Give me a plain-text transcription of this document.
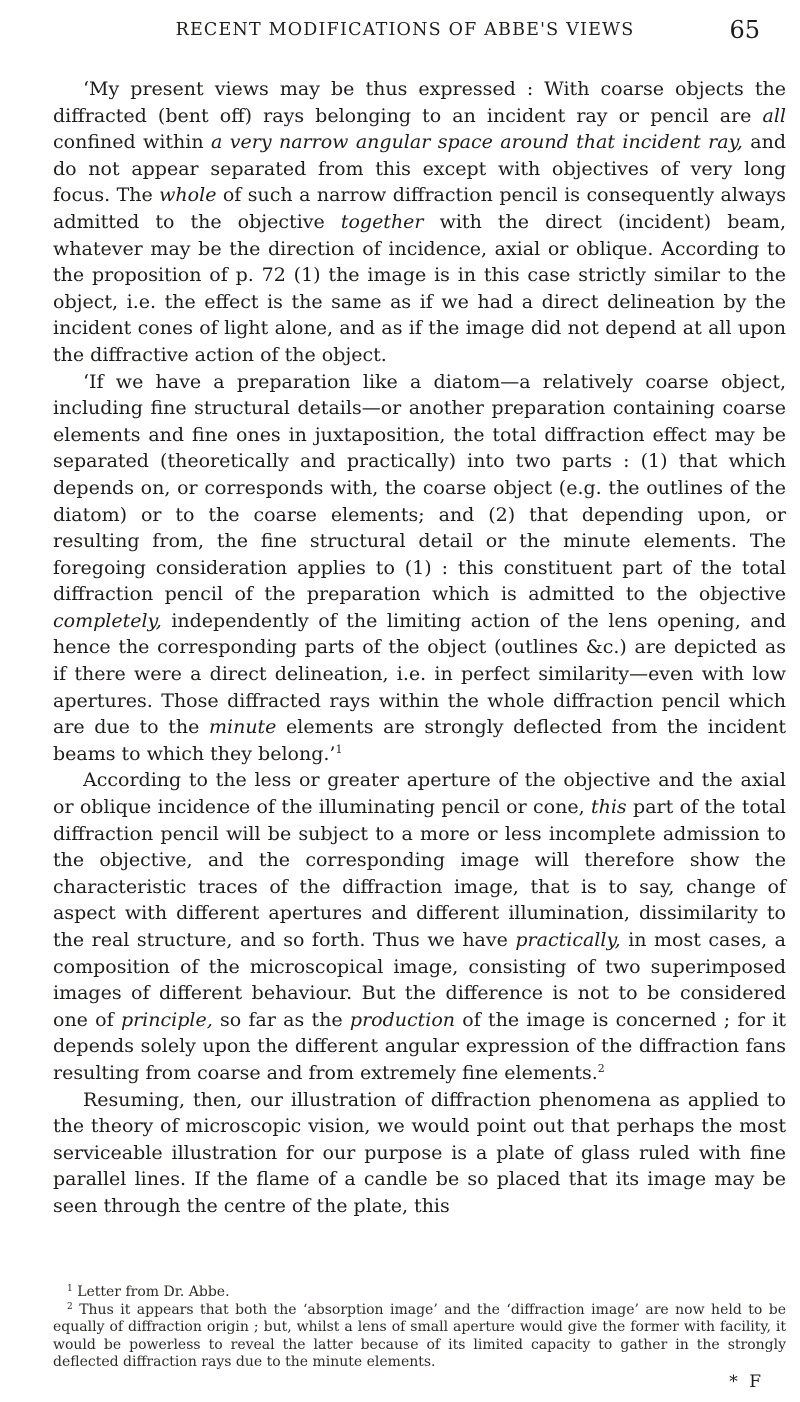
RECENT MODIFICATIONS OF ABBE'S VIEWS	65

‘My present views may be thus expressed : With coarse objects the diffracted (bent off) rays belonging to an incident ray or pencil are all confined within a very narrow angular space around that incident ray, and do not appear separated from this except with objectives of very long focus. The whole of such a narrow diffraction pencil is consequently always admitted to the objective together with the direct (incident) beam, whatever may be the direction of incidence, axial or oblique. According to the proposition of p. 72 (1) the image is in this case strictly similar to the object, i.e. the effect is the same as if we had a direct delineation by the incident cones of light alone, and as if the image did not depend at all upon the diffractive action of the object.

‘If we have a preparation like a diatom—a relatively coarse object, including fine structural details—or another preparation containing coarse elements and fine ones in juxtaposition, the total diffraction effect may be separated (theoretically and practically) into two parts : (1) that which depends on, or corresponds with, the coarse object (e.g. the outlines of the diatom) or to the coarse elements; and (2) that depending upon, or resulting from, the fine structural detail or the minute elements. The foregoing consideration applies to (1) : this constituent part of the total diffraction pencil of the preparation which is admitted to the objective completely, independently of the limiting action of the lens opening, and hence the corresponding parts of the object (outlines &c.) are depicted as if there were a direct delineation, i.e. in perfect similarity—even with low apertures. Those diffracted rays within the whole diffraction pencil which are due to the minute elements are strongly deflected from the incident beams to which they belong.’$^1$

According to the less or greater aperture of the objective and the axial or oblique incidence of the illuminating pencil or cone, this part of the total diffraction pencil will be subject to a more or less incomplete admission to the objective, and the corresponding image will therefore show the characteristic traces of the diffraction image, that is to say, change of aspect with different apertures and different illumination, dissimilarity to the real structure, and so forth. Thus we have practically, in most cases, a composition of the microscopical image, consisting of two superimposed images of different behaviour. But the difference is not to be considered one of principle, so far as the production of the image is concerned ; for it depends solely upon the different angular expression of the diffraction fans resulting from coarse and from extremely fine elements.$^2$

Resuming, then, our illustration of diffraction phenomena as applied to the theory of microscopic vision, we would point out that perhaps the most serviceable illustration for our purpose is a plate of glass ruled with fine parallel lines. If the flame of a candle be so placed that its image may be seen through the centre of the plate, this

$^1$ Letter from Dr. Abbe.

$^2$ Thus it appears that both the ‘absorption image’ and the ‘diffraction image’ are now held to be equally of diffraction origin ; but, whilst a lens of small aperture would give the former with facility, it would be powerless to reveal the latter because of its limited capacity to gather in the strongly deflected diffraction rays due to the minute elements.

* F
